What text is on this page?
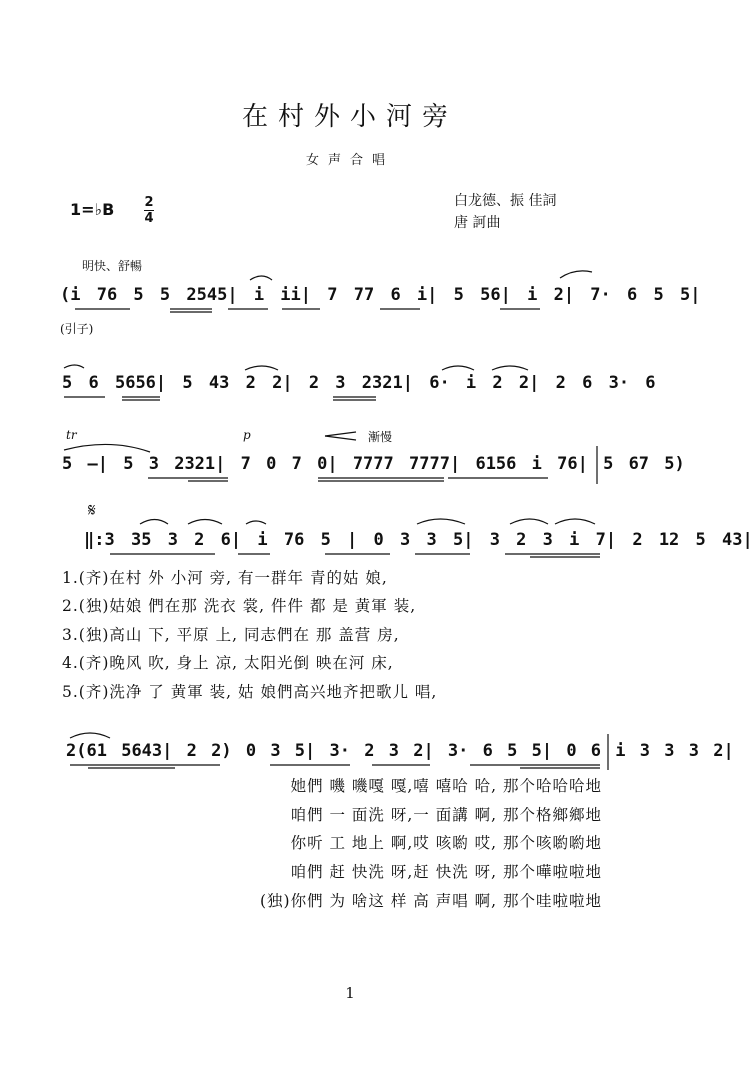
在村外小河旁
女声合唱
1=♭B 2
4
白龙德、振 佳詞
唐 訶曲
明快、舒暢
(i 76 5 5 2545| i ii| 7 77 6 i| 5 56| i 2| 7· 6 5 5|
(引子)
5 6 5656| 5 43 2 2| 2 3 2321| 6· i 2 2| 2 6 3· 6
tr	p	漸慢
5 –| 5 3 2321| 7 0 7 0| 7777 7777| 6156 i 76| 5 67 5)
𝄋
‖:3 35 3 2 6| i 76 5 | 0 3 3 5| 3 2 3 i 7| 2 12 5 43|
1.(齐)在村 外 小河 旁, 有一群年 青的姑 娘,
2.(独)姑娘 們在那 洗衣 裳, 件件 都 是 黄軍 装,
3.(独)高山 下, 平原 上, 同志們在 那 盖营 房,
4.(齐)晚风 吹, 身上 凉, 太阳光倒 映在河 床,
5.(齐)洗净 了 黄軍 装, 姑 娘們高兴地齐把歌儿 唱,
2(61 5643| 2 2) 0 3 5| 3· 2 3 2| 3· 6 5 5| 0 6 i 3 3 3 2|
她們 嘰 嘰嘎 嘎,嘻 嘻哈 哈, 那个哈哈哈地
咱們 一 面洗 呀,一 面講 啊, 那个格鄉鄉地
你听 工 地上 啊,哎 咳喲 哎, 那个咳喲喲地
咱們 赶 快洗 呀,赶 快洗 呀, 那个嘩啦啦地
(独)你們 为 啥这 样 高 声唱 啊, 那个哇啦啦地
1
